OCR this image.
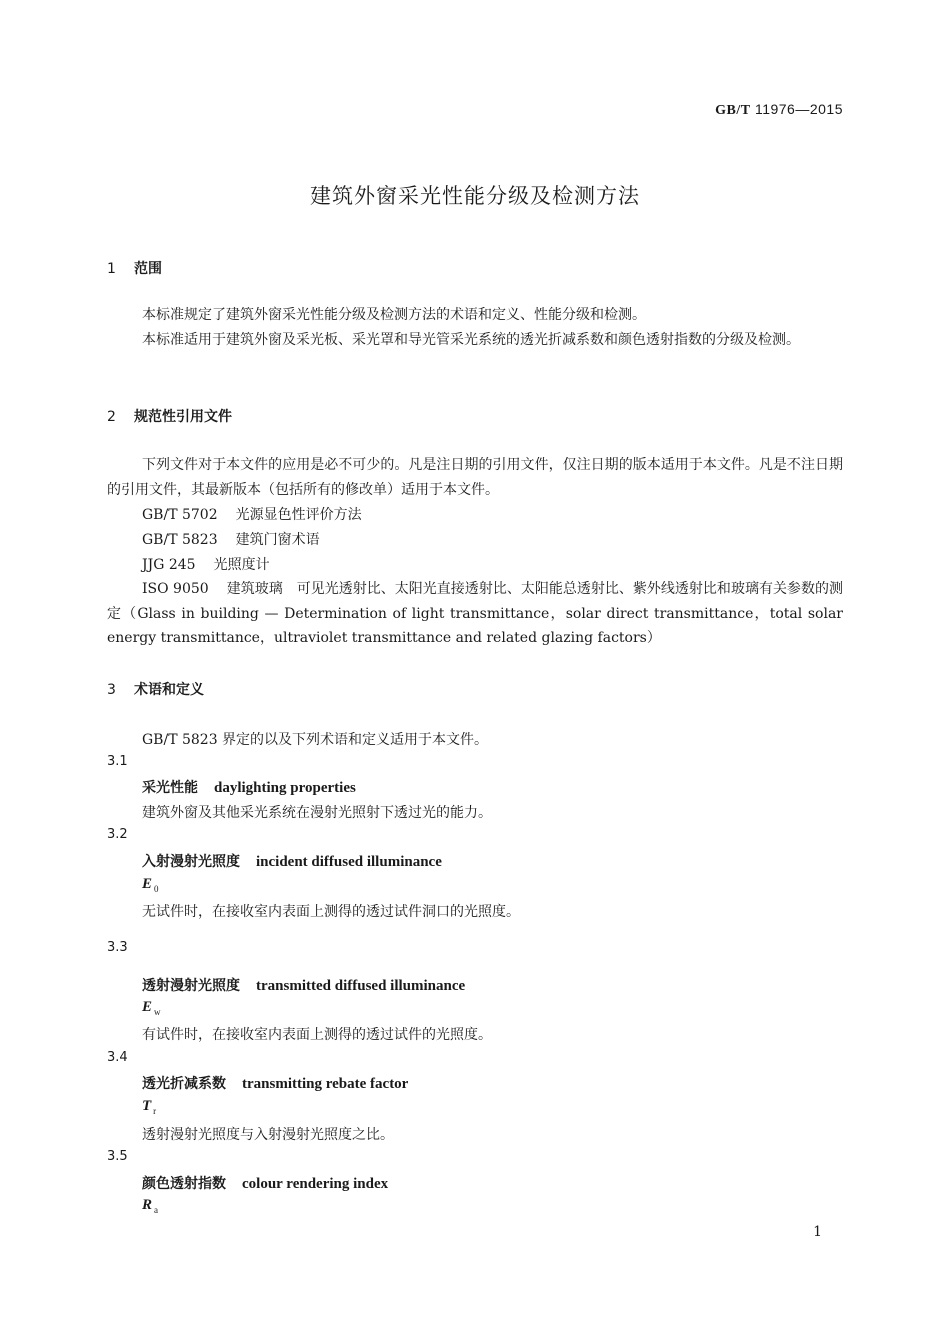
GB/T 11976—2015
建筑外窗采光性能分级及检测方法
1 范围
本标准规定了建筑外窗采光性能分级及检测方法的术语和定义、性能分级和检测。
本标准适用于建筑外窗及采光板、采光罩和导光管采光系统的透光折减系数和颜色透射指数的分级及检测。
2 规范性引用文件
下列文件对于本文件的应用是必不可少的。凡是注日期的引用文件，仅注日期的版本适用于本文件。凡是不注日期的引用文件，其最新版本（包括所有的修改单）适用于本文件。
GB/T 5702 光源显色性评价方法
GB/T 5823 建筑门窗术语
JJG 245 光照度计
ISO 9050 建筑玻璃　可见光透射比、太阳光直接透射比、太阳能总透射比、紫外线透射比和玻璃有关参数的测定（Glass in building — Determination of light transmittance，solar direct transmittance，total solar energy transmittance，ultraviolet transmittance and related glazing factors）
3 术语和定义
GB/T 5823 界定的以及下列术语和定义适用于本文件。
3.1
采光性能 daylighting properties
建筑外窗及其他采光系统在漫射光照射下透过光的能力。
3.2
入射漫射光照度 incident diffused illuminance
E $_0$
无试件时，在接收室内表面上测得的透过试件洞口的光照度。
3.3
透射漫射光照度 transmitted diffused illuminance
E $_w$
有试件时，在接收室内表面上测得的透过试件的光照度。
3.4
透光折减系数 transmitting rebate factor
T $_r$
透射漫射光照度与入射漫射光照度之比。
3.5
颜色透射指数 colour rendering index
R $_a$
1
